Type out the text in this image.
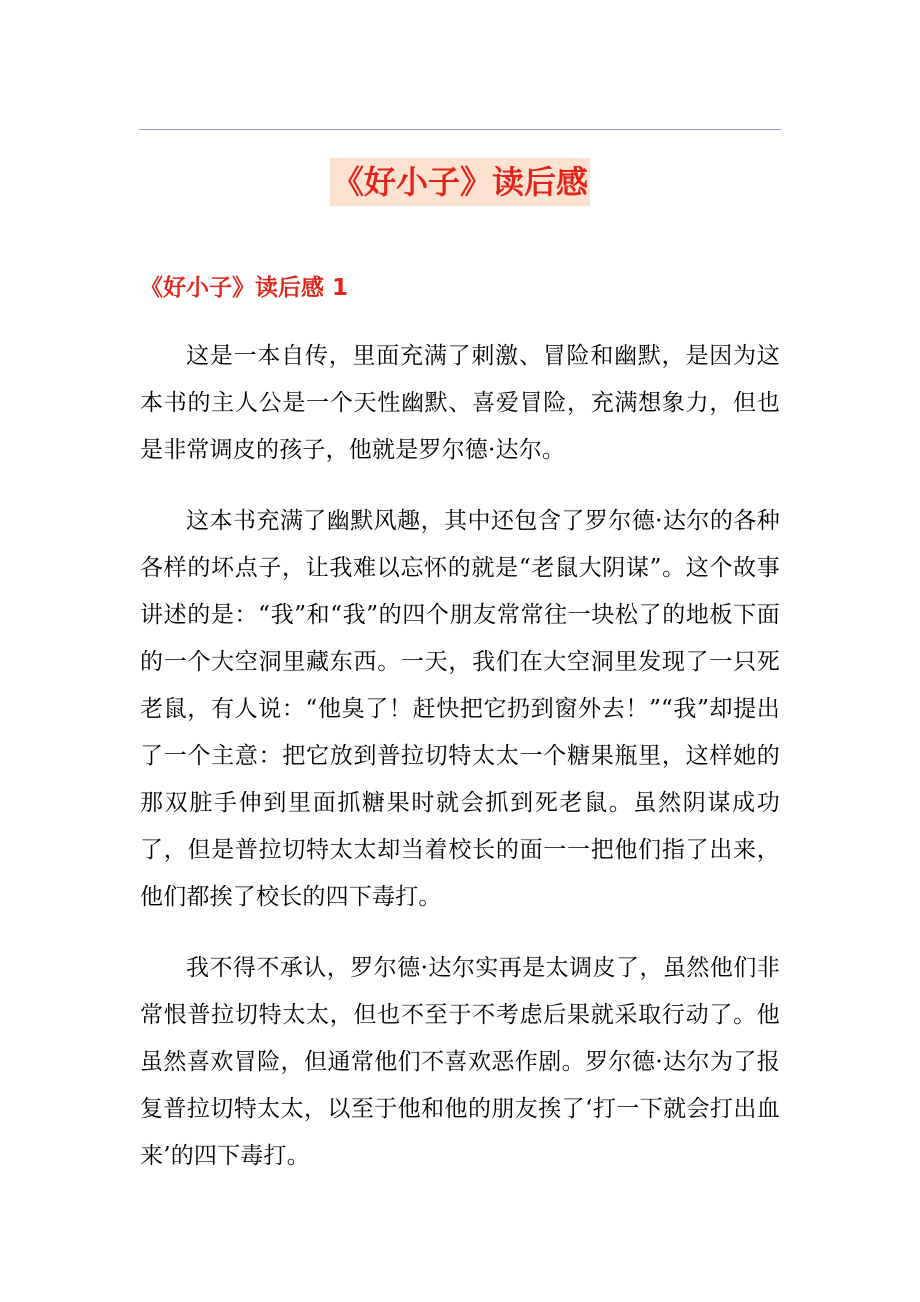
《好小子》读后感
《好小子》读后感 1

这是一本自传，里面充满了刺激、冒险和幽默，是因为这本书的主人公是一个天性幽默、喜爱冒险，充满想象力，但也是非常调皮的孩子，他就是罗尔德·达尔。

这本书充满了幽默风趣，其中还包含了罗尔德·达尔的各种各样的坏点子，让我难以忘怀的就是“老鼠大阴谋”。这个故事讲述的是：“我”和“我”的四个朋友常常往一块松了的地板下面的一个大空洞里藏东西。一天，我们在大空洞里发现了一只死老鼠，有人说：“他臭了！赶快把它扔到窗外去！”“我”却提出了一个主意：把它放到普拉切特太太一个糖果瓶里，这样她的那双脏手伸到里面抓糖果时就会抓到死老鼠。虽然阴谋成功了，但是普拉切特太太却当着校长的面一一把他们指了出来，他们都挨了校长的四下毒打。

我不得不承认，罗尔德·达尔实再是太调皮了，虽然他们非常恨普拉切特太太，但也不至于不考虑后果就采取行动了。他虽然喜欢冒险，但通常他们不喜欢恶作剧。罗尔德·达尔为了报复普拉切特太太，以至于他和他的朋友挨了‘打一下就会打出血来’的四下毒打。
